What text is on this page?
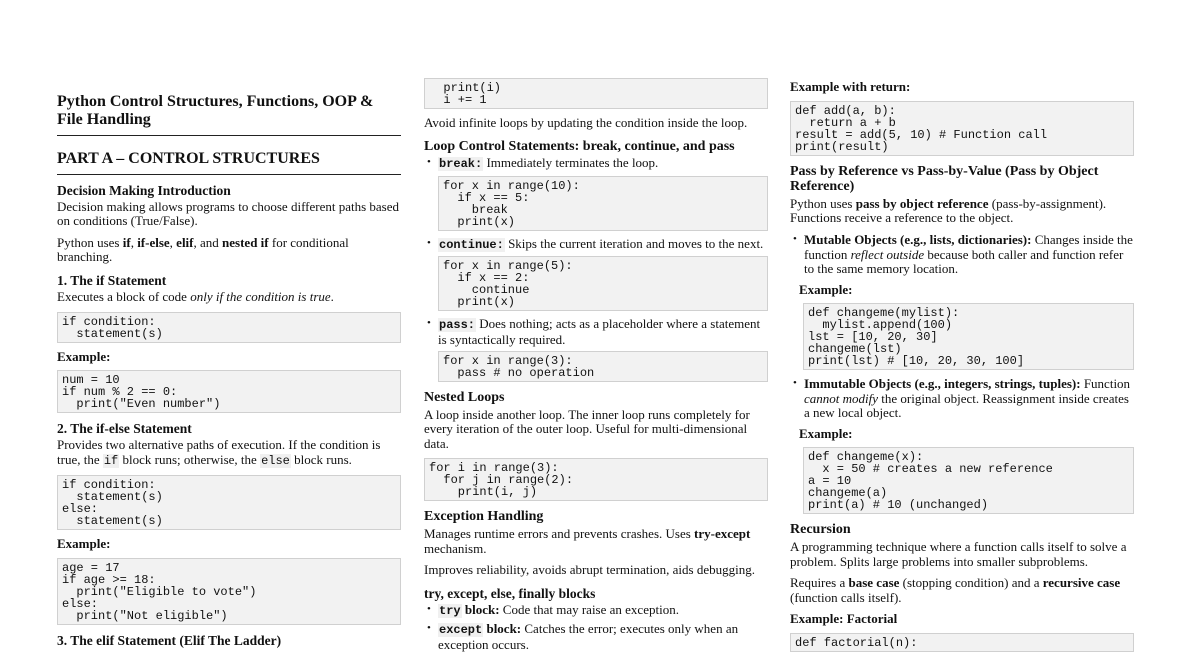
Python Control Structures, Functions, OOP & File Handling
PART A – CONTROL STRUCTURES
Decision Making Introduction

Decision making allows programs to choose different paths based on conditions (True/False).

Python uses if, if-else, elif, and nested if for conditional branching.

1. The if Statement

Executes a block of code only if the condition is true.

if condition:
statement(s)
Example:
num = 10
if num % 2 == 0:
print("Even number")
2. The if-else Statement

Provides two alternative paths of execution. If the condition is true, the if block runs; otherwise, the else block runs.

if condition:
statement(s)
else:
statement(s)
Example:
age = 17
if age >= 18:
print("Eligible to vote")
else:
print("Not eligible")
3. The elif Statement (Elif The Ladder)
print(i)
i += 1

Avoid infinite loops by updating the condition inside the loop.

Loop Control Statements: break, continue, and pass
• break: Immediately terminates the loop.
for x in range(10):
if x == 5:
break
print(x)
• continue: Skips the current iteration and moves to the next.
for x in range(5):
if x == 2:
continue
print(x)
• pass: Does nothing; acts as a placeholder where a statement is syntactically required.
for x in range(3):
pass # no operation
Nested Loops

A loop inside another loop. The inner loop runs completely for every iteration of the outer loop. Useful for multi-dimensional data.

for i in range(3):
for j in range(2):
print(i, j)
Exception Handling

Manages runtime errors and prevents crashes. Uses try-except mechanism.

Improves reliability, avoids abrupt termination, aids debugging.

try, except, else, finally blocks
• try block: Code that may raise an exception.
• except block: Catches the error; executes only when an exception occurs.
Example with return:
def add(a, b):
return a + b
result = add(5, 10) # Function call
print(result)
Pass by Reference vs Pass-by-Value (Pass by Object Reference)

Python uses pass by object reference (pass-by-assignment). Functions receive a reference to the object.

• Mutable Objects (e.g., lists, dictionaries): Changes inside the function reflect outside because both caller and function refer to the same memory location.
Example:
def changeme(mylist):
mylist.append(100)
lst = [10, 20, 30]
changeme(lst)
print(lst) # [10, 20, 30, 100]
• Immutable Objects (e.g., integers, strings, tuples): Function cannot modify the original object. Reassignment inside creates a new local object.
Example:
def changeme(x):
x = 50 # creates a new reference
a = 10
changeme(a)
print(a) # 10 (unchanged)
Recursion

A programming technique where a function calls itself to solve a problem. Splits large problems into smaller subproblems.

Requires a base case (stopping condition) and a recursive case (function calls itself).

Example: Factorial
def factorial(n):
